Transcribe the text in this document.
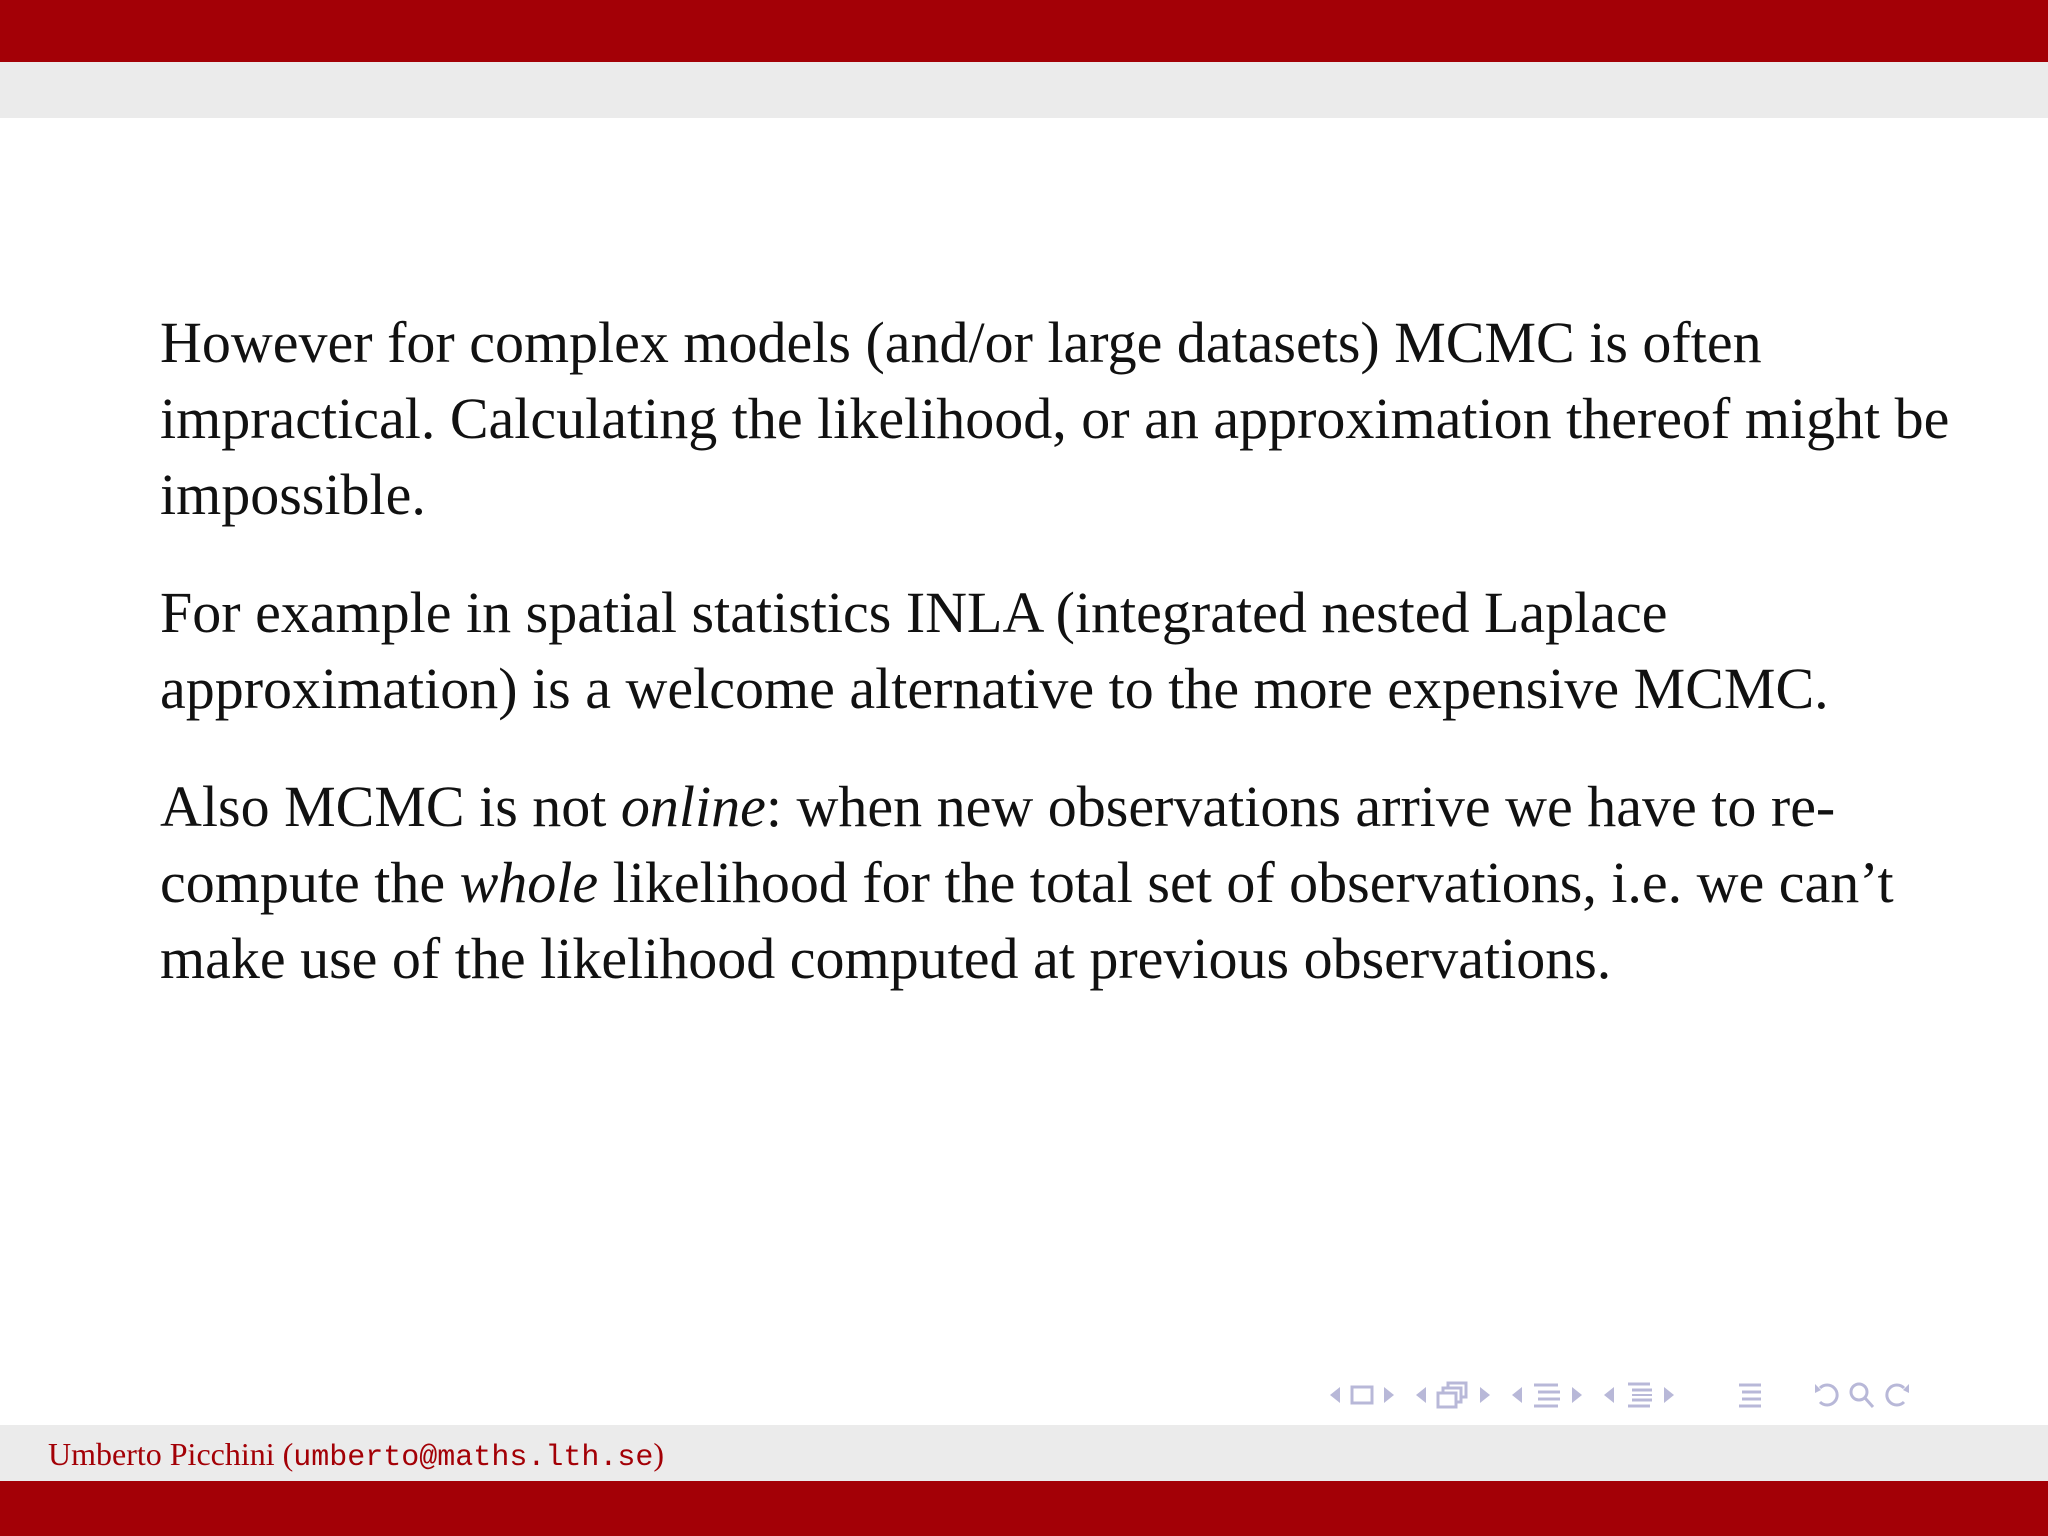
However for complex models (and/or large datasets) MCMC is often impractical. Calculating the likelihood, or an approximation thereof might be impossible.

For example in spatial statistics INLA (integrated nested Laplace approximation) is a welcome alternative to the more expensive MCMC.

Also MCMC is not online: when new observations arrive we have to re-compute the whole likelihood for the total set of observations, i.e. we can’t make use of the likelihood computed at previous observations.

Umberto Picchini (umberto@maths.lth.se)
